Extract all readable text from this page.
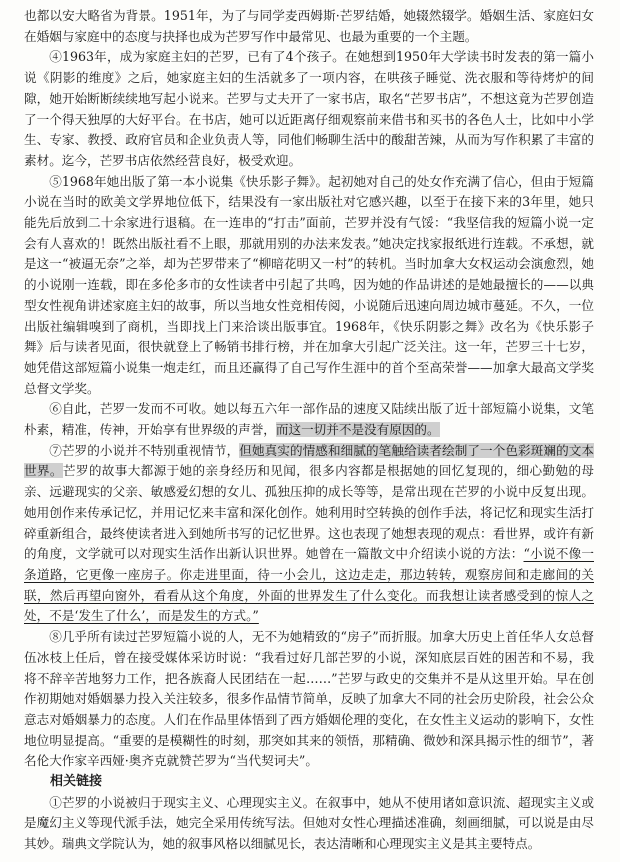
也都以安大略省为背景。1951年，为了与同学麦西姆斯·芒罗结婚，她辍然辍学。婚姻生活、家庭妇女在婚姻与家庭中的态度与抉择也成为芒罗写作中最常见、也最为重要的一个主题。

④1963年，成为家庭主妇的芒罗，已有了4个孩子。在她想到1950年大学读书时发表的第一篇小说《阴影的维度》之后，她家庭主妇的生活就多了一项内容，在哄孩子睡觉、洗衣服和等待烤炉的间隙，她开始断断续续地写起小说来。芒罗与丈夫开了一家书店，取名“芒罗书店”，不想这竟为芒罗创造了一个得天独厚的大好平台。在书店，她可以近距离仔细观察前来借书和买书的各色人士，比如中小学生、专家、教授、政府官员和企业负责人等，同他们畅聊生活中的酸甜苦辣，从而为写作积累了丰富的素材。迄今，芒罗书店依然经营良好，极受欢迎。

⑤1968年她出版了第一本小说集《快乐影子舞》。起初她对自己的处女作充满了信心，但由于短篇小说在当时的欧美文学界地位低下，结果没有一家出版社对它感兴趣，以至于在接下来的3年里，她只能先后放到二十余家进行退稿。在一连串的“打击”面前，芒罗并没有气馁：“我坚信我的短篇小说一定会有人喜欢的！既然出版社看不上眼，那就用别的办法来发表。”她决定找家报纸进行连载。不承想，就是这一“被逼无奈”之举，却为芒罗带来了“柳暗花明又一村”的转机。当时加拿大女权运动会演愈烈，她的小说刚一连载，即在多伦多市的女性读者中引起了共鸣，因为她的作品讲述的是她最擅长的——以典型女性视角讲述家庭主妇的故事，所以当地女性竞相传阅，小说随后迅速向周边城市蔓延。不久，一位出版社编辑嗅到了商机，当即找上门来洽谈出版事宜。1968年，《快乐阴影之舞》改名为《快乐影子舞》后与读者见面，很快就登上了畅销书排行榜，并在加拿大引起广泛关注。这一年，芒罗三十七岁，她凭借这部短篇小说集一炮走红，而且还赢得了自己写作生涯中的首个至高荣誉——加拿大最高文学奖总督文学奖。

⑥自此，芒罗一发而不可收。她以每五六年一部作品的速度又陆续出版了近十部短篇小说集，文笔朴素，精准，传神，开始享有世界级的声誉，而这一切并不是没有原因的。

⑦芒罗的小说并不特别重视情节，但她真实的情感和细腻的笔触给读者绘制了一个色彩斑斓的文本世界。芒罗的故事大都源于她的亲身经历和见闻，很多内容都是根据她的回忆复现的，细心勤勉的母亲、远避现实的父亲、敏感爱幻想的女儿、孤独压抑的成长等等，是常出现在芒罗的小说中反复出现。她用创作来传承记忆，并用记忆来丰富和深化创作。她利用时空转换的创作手法，将记忆和现实生活打碎重新组合，最终使读者进入到她所书写的记忆世界。这也表现了她想表现的观点：看世界，或许有新的角度，文学就可以对现实生活作出新认识世界。她曾在一篇散文中介绍读小说的方法：“小说不像一条道路，它更像一座房子。你走进里面，待一小会儿，这边走走，那边转转，观察房间和走廊间的关联，然后再望向窗外，看看从这个角度，外面的世界发生了什么变化。而我想让读者感受到的惊人之处，不是‘发生了什么’，而是发生的方式。”

⑧几乎所有读过芒罗短篇小说的人，无不为她精致的“房子”而折服。加拿大历史上首任华人女总督伍冰枝上任后，曾在接受媒体采访时说：“我看过好几部芒罗的小说，深知底层百姓的困苦和不易，我将不辞辛苦地努力工作，把各族裔人民团结在一起……”芒罗与政史的交集并不是从这里开始。早在创作初期她对婚姻暴力投入关注较多，很多作品情节简单，反映了加拿大不同的社会历史阶段，社会公众意志对婚姻暴力的态度。人们在作品里体悟到了西方婚姻伦理的变化，在女性主义运动的影响下，女性地位明显提高。“重要的是模糊性的时刻，那突如其来的领悟，那精确、微妙和深具揭示性的细节”，著名伦大作家辛西娅·奥齐克就赞芒罗为“当代契诃夫”。

相关链接

①芒罗的小说被归于现实主义、心理现实主义。在叙事中，她从不使用诸如意识流、超现实主义或是魔幻主义等现代派手法，她完全采用传统写法。但她对女性心理描述准确，刻画细腻，可以说是由尽其妙。瑞典文学院认为，她的叙事风格以细腻见长，表达清晰和心理现实主义是其主要特点。
